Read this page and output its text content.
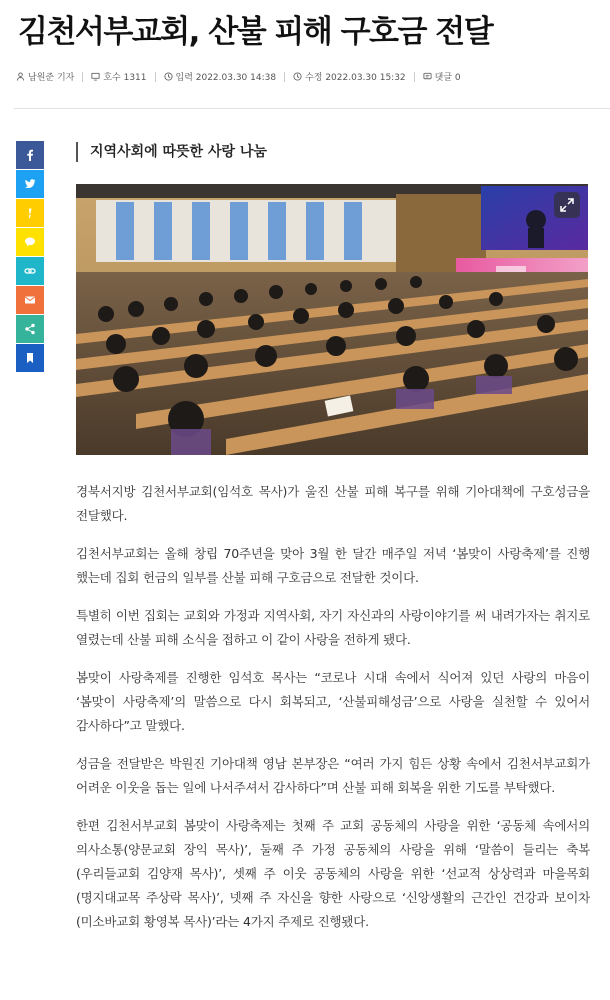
김천서부교회, 산불 피해 구호금 전달
남원준 기자	호수 1311	입력 2022.03.30 14:38	수정 2022.03.30 15:32	댓글 0
지역사회에 따뜻한 사랑 나눔

경북서지방 김천서부교회(임석호 목사)가 울진 산불 피해 복구를 위해 기아대책에 구호성금을 전달했다.

김천서부교회는 올해 창립 70주년을 맞아 3월 한 달간 매주일 저녁 ‘봄맞이 사랑축제’를 진행 했는데 집회 헌금의 일부를 산불 피해 구호금으로 전달한 것이다.

특별히 이번 집회는 교회와 가정과 지역사회, 자기 자신과의 사랑이야기를 써 내려가자는 취지로 열렸는데 산불 피해 소식을 접하고 이 같이 사랑을 전하게 됐다.

봄맞이 사랑축제를 진행한 임석호 목사는 “코로나 시대 속에서 식어져 있던 사랑의 마음이 ‘봄맞이 사랑축제’의 말씀으로 다시 회복되고, ‘산불피해성금’으로 사랑을 실천할 수 있어서 감사하다”고 말했다.

성금을 전달받은 박원진 기아대책 영남 본부장은 “여러 가지 힘든 상황 속에서 김천서부교회가 어려운 이웃을 돕는 일에 나서주셔서 감사하다”며 산불 피해 회복을 위한 기도를 부탁했다.

한편 김천서부교회 봄맞이 사랑축제는 첫째 주 교회 공동체의 사랑을 위한 ‘공동체 속에서의 의사소통(양문교회 장익 목사)’, 둘째 주 가정 공동체의 사랑을 위해 ‘말씀이 들리는 축복(우리들교회 김양재 목사)’, 셋째 주 이웃 공동체의 사랑을 위한 ‘선교적 상상력과 마을목회(명지대교목 주상락 목사)’, 넷째 주 자신을 향한 사랑으로 ‘신앙생활의 근간인 건강과 보이차(미소바교회 황영복 목사)’라는 4가지 주제로 진행됐다.
